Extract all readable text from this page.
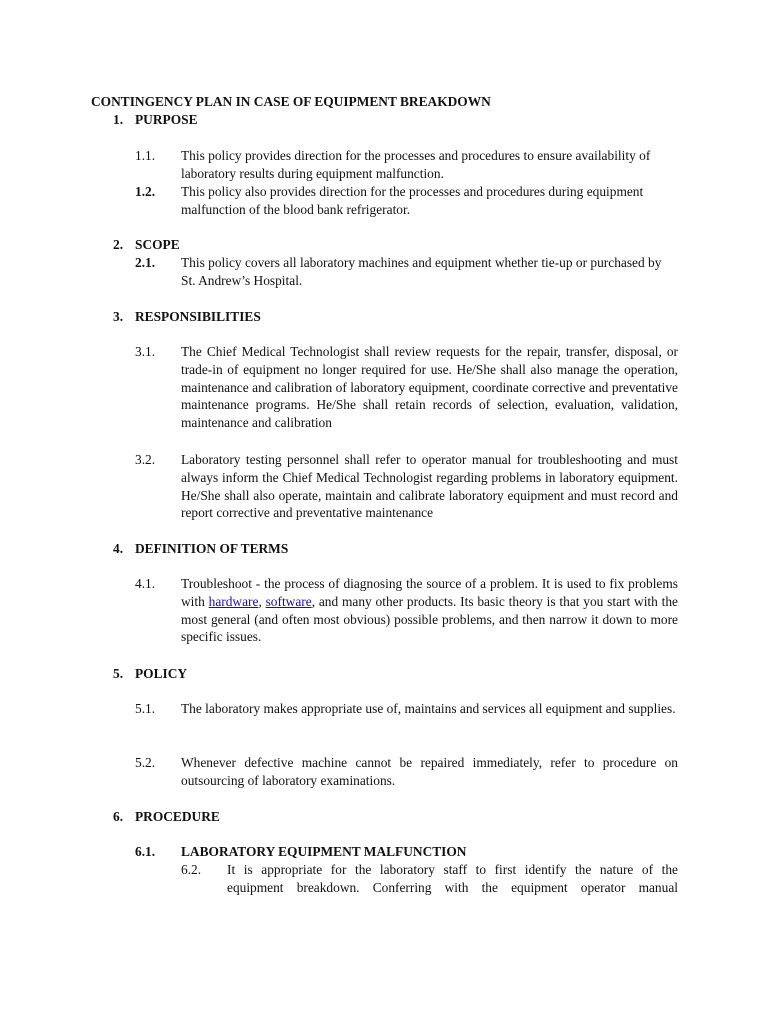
CONTINGENCY PLAN IN CASE OF EQUIPMENT BREAKDOWN
1. PURPOSE
1.1. This policy provides direction for the processes and procedures to ensure availability of laboratory results during equipment malfunction.
1.2. This policy also provides direction for the processes and procedures during equipment malfunction of the blood bank refrigerator.
2. SCOPE
2.1. This policy covers all laboratory machines and equipment whether tie-up or purchased by St. Andrew’s Hospital.
3. RESPONSIBILITIES
3.1. The Chief Medical Technologist shall review requests for the repair, transfer, disposal, or trade-in of equipment no longer required for use. He/She shall also manage the operation, maintenance and calibration of laboratory equipment, coordinate corrective and preventative maintenance programs. He/She shall retain records of selection, evaluation, validation, maintenance and calibration
3.2. Laboratory testing personnel shall refer to operator manual for troubleshooting and must always inform the Chief Medical Technologist regarding problems in laboratory equipment. He/She shall also operate, maintain and calibrate laboratory equipment and must record and report corrective and preventative maintenance
4. DEFINITION OF TERMS
4.1. Troubleshoot - the process of diagnosing the source of a problem. It is used to fix problems with hardware, software, and many other products. Its basic theory is that you start with the most general (and often most obvious) possible problems, and then narrow it down to more specific issues.
5. POLICY
5.1. The laboratory makes appropriate use of, maintains and services all equipment and supplies.
5.2. Whenever defective machine cannot be repaired immediately, refer to procedure on outsourcing of laboratory examinations.
6. PROCEDURE
6.1. LABORATORY EQUIPMENT MALFUNCTION
6.2. It is appropriate for the laboratory staff to first identify the nature of the
equipment breakdown. Conferring with the equipment operator manual
